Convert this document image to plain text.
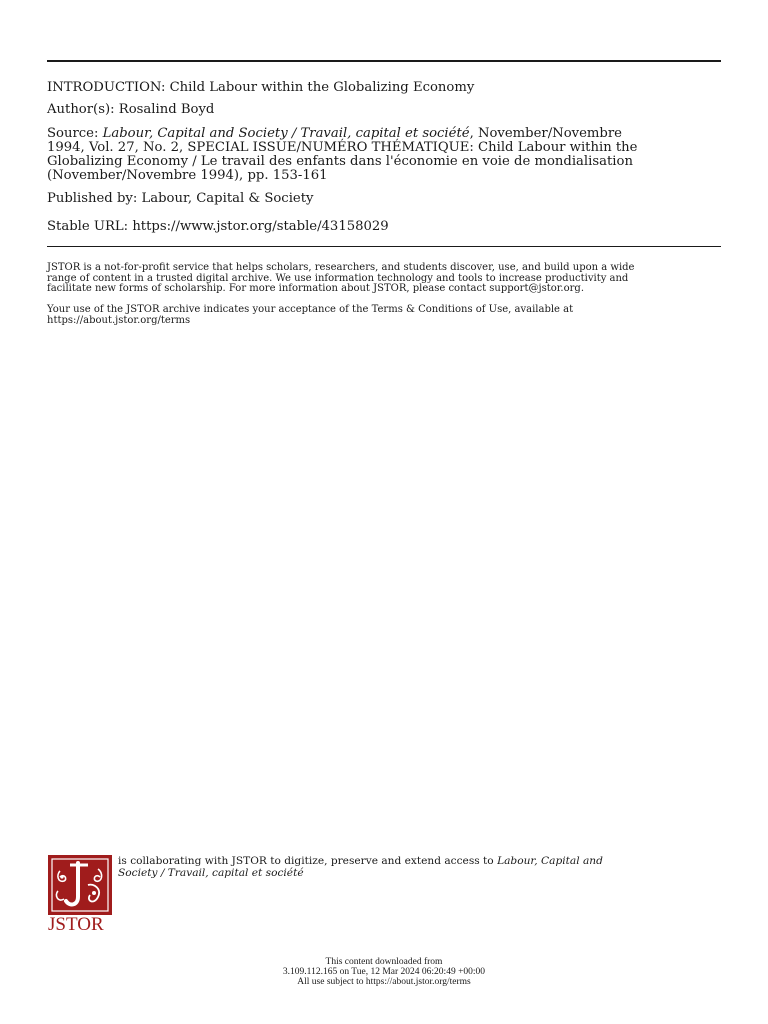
INTRODUCTION: Child Labour within the Globalizing Economy

Author(s): Rosalind Boyd

Source: Labour, Capital and Society / Travail, capital et société, November/Novembre

1994, Vol. 27, No. 2, SPECIAL ISSUE/NUMÉRO THÉMATIQUE: Child Labour within the

Globalizing Economy / Le travail des enfants dans l'économie en voie de mondialisation

(November/Novembre 1994), pp. 153-161

Published by: Labour, Capital & Society

Stable URL: https://www.jstor.org/stable/43158029

JSTOR is a not-for-profit service that helps scholars, researchers, and students discover, use, and build upon a wide

range of content in a trusted digital archive. We use information technology and tools to increase productivity and

facilitate new forms of scholarship. For more information about JSTOR, please contact support@jstor.org.

Your use of the JSTOR archive indicates your acceptance of the Terms & Conditions of Use, available at

https://about.jstor.org/terms

JSTOR

is collaborating with JSTOR to digitize, preserve and extend access to Labour, Capital and

Society / Travail, capital et société

This content downloaded from

3.109.112.165 on Tue, 12 Mar 2024 06:20:49 +00:00

All use subject to https://about.jstor.org/terms
